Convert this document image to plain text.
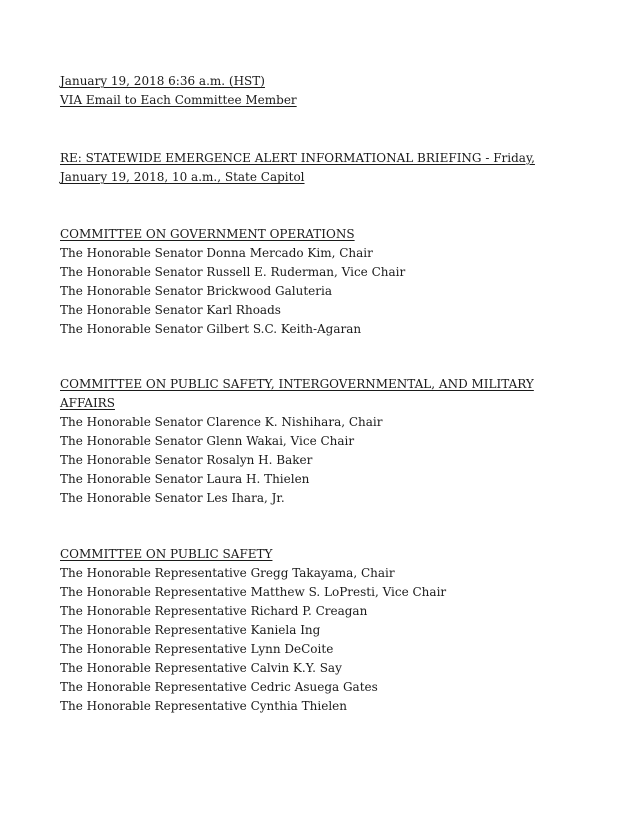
January 19, 2018 6:36 a.m. (HST)

VIA Email to Each Committee Member

RE: STATEWIDE EMERGENCE ALERT INFORMATIONAL BRIEFING - Friday,

January 19, 2018, 10 a.m., State Capitol

COMMITTEE ON GOVERNMENT OPERATIONS

The Honorable Senator Donna Mercado Kim, Chair

The Honorable Senator Russell E. Ruderman, Vice Chair

The Honorable Senator Brickwood Galuteria

The Honorable Senator Karl Rhoads

The Honorable Senator Gilbert S.C. Keith-Agaran

COMMITTEE ON PUBLIC SAFETY, INTERGOVERNMENTAL, AND MILITARY

AFFAIRS

The Honorable Senator Clarence K. Nishihara, Chair

The Honorable Senator Glenn Wakai, Vice Chair

The Honorable Senator Rosalyn H. Baker

The Honorable Senator Laura H. Thielen

The Honorable Senator Les Ihara, Jr.

COMMITTEE ON PUBLIC SAFETY

The Honorable Representative Gregg Takayama, Chair

The Honorable Representative Matthew S. LoPresti, Vice Chair

The Honorable Representative Richard P. Creagan

The Honorable Representative Kaniela Ing

The Honorable Representative Lynn DeCoite

The Honorable Representative Calvin K.Y. Say

The Honorable Representative Cedric Asuega Gates

The Honorable Representative Cynthia Thielen
